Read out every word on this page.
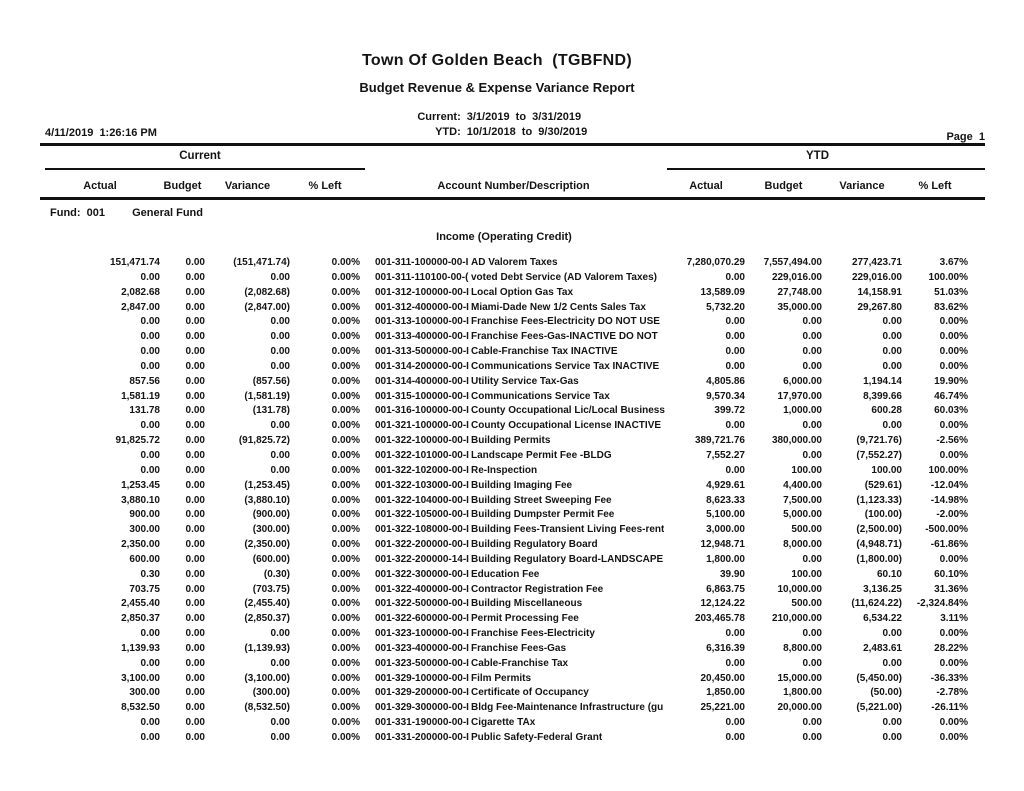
Town Of Golden Beach  (TGBFND)
Budget Revenue & Expense Variance Report
Current: 3/1/2019  to  3/31/2019
YTD: 10/1/2018  to  9/30/2019
4/11/2019  1:26:16 PM	Page  1
Current	YTD
Actual	Budget	Variance	% Left	Account Number/Description	Actual	Budget	Variance	% Left
Fund:  001 General Fund
Income (Operating Credit)
151,471.74	0.00	(151,471.74)	0.00% 001-311-100000-00-I AD Valorem Taxes	7,280,070.29	7,557,494.00	277,423.71	3.67%
0.00	0.00	0.00	0.00% 001-311-110100-00-( voted Debt Service (AD Valorem Taxes)	0.00	229,016.00	229,016.00	100.00%
2,082.68	0.00	(2,082.68)	0.00% 001-312-100000-00-I Local Option Gas Tax	13,589.09	27,748.00	14,158.91	51.03%
2,847.00	0.00	(2,847.00)	0.00% 001-312-400000-00-I Miami-Dade New 1/2 Cents Sales Tax	5,732.20	35,000.00	29,267.80	83.62%
0.00	0.00	0.00	0.00% 001-313-100000-00-I Franchise Fees-Electricity DO NOT USE	0.00	0.00	0.00	0.00%
0.00	0.00	0.00	0.00% 001-313-400000-00-I Franchise Fees-Gas-INACTIVE DO NOT	0.00	0.00	0.00	0.00%
0.00	0.00	0.00	0.00% 001-313-500000-00-I Cable-Franchise Tax INACTIVE	0.00	0.00	0.00	0.00%
0.00	0.00	0.00	0.00% 001-314-200000-00-I Communications Service Tax INACTIVE	0.00	0.00	0.00	0.00%
857.56	0.00	(857.56)	0.00% 001-314-400000-00-I Utility Service Tax-Gas	4,805.86	6,000.00	1,194.14	19.90%
1,581.19	0.00	(1,581.19)	0.00% 001-315-100000-00-I Communications Service Tax	9,570.34	17,970.00	8,399.66	46.74%
131.78	0.00	(131.78)	0.00% 001-316-100000-00-I County Occupational Lic/Local Business	399.72	1,000.00	600.28	60.03%
0.00	0.00	0.00	0.00% 001-321-100000-00-I County Occupational License INACTIVE	0.00	0.00	0.00	0.00%
91,825.72	0.00	(91,825.72)	0.00% 001-322-100000-00-I Building Permits	389,721.76	380,000.00	(9,721.76)	-2.56%
0.00	0.00	0.00	0.00% 001-322-101000-00-I Landscape Permit Fee -BLDG	7,552.27	0.00	(7,552.27)	0.00%
0.00	0.00	0.00	0.00% 001-322-102000-00-I Re-Inspection	0.00	100.00	100.00	100.00%
1,253.45	0.00	(1,253.45)	0.00% 001-322-103000-00-I Building Imaging Fee	4,929.61	4,400.00	(529.61)	-12.04%
3,880.10	0.00	(3,880.10)	0.00% 001-322-104000-00-I Building Street Sweeping Fee	8,623.33	7,500.00	(1,123.33)	-14.98%
900.00	0.00	(900.00)	0.00% 001-322-105000-00-I Building Dumpster Permit Fee	5,100.00	5,000.00	(100.00)	-2.00%
300.00	0.00	(300.00)	0.00% 001-322-108000-00-I Building Fees-Transient Living Fees-rent	3,000.00	500.00	(2,500.00)	-500.00%
2,350.00	0.00	(2,350.00)	0.00% 001-322-200000-00-I Building Regulatory Board	12,948.71	8,000.00	(4,948.71)	-61.86%
600.00	0.00	(600.00)	0.00% 001-322-200000-14-I Building Regulatory Board-LANDSCAPE	1,800.00	0.00	(1,800.00)	0.00%
0.30	0.00	(0.30)	0.00% 001-322-300000-00-I Education Fee	39.90	100.00	60.10	60.10%
703.75	0.00	(703.75)	0.00% 001-322-400000-00-I Contractor Registration Fee	6,863.75	10,000.00	3,136.25	31.36%
2,455.40	0.00	(2,455.40)	0.00% 001-322-500000-00-I Building Miscellaneous	12,124.22	500.00	(11,624.22)	-2,324.84%
2,850.37	0.00	(2,850.37)	0.00% 001-322-600000-00-I Permit Processing Fee	203,465.78	210,000.00	6,534.22	3.11%
0.00	0.00	0.00	0.00% 001-323-100000-00-I Franchise Fees-Electricity	0.00	0.00	0.00	0.00%
1,139.93	0.00	(1,139.93)	0.00% 001-323-400000-00-I Franchise Fees-Gas	6,316.39	8,800.00	2,483.61	28.22%
0.00	0.00	0.00	0.00% 001-323-500000-00-I Cable-Franchise Tax	0.00	0.00	0.00	0.00%
3,100.00	0.00	(3,100.00)	0.00% 001-329-100000-00-I Film Permits	20,450.00	15,000.00	(5,450.00)	-36.33%
300.00	0.00	(300.00)	0.00% 001-329-200000-00-I Certificate of Occupancy	1,850.00	1,800.00	(50.00)	-2.78%
8,532.50	0.00	(8,532.50)	0.00% 001-329-300000-00-I Bldg Fee-Maintenance Infrastructure (gu	25,221.00	20,000.00	(5,221.00)	-26.11%
0.00	0.00	0.00	0.00% 001-331-190000-00-I Cigarette TAx	0.00	0.00	0.00	0.00%
0.00	0.00	0.00	0.00% 001-331-200000-00-I Public Safety-Federal Grant	0.00	0.00	0.00	0.00%
